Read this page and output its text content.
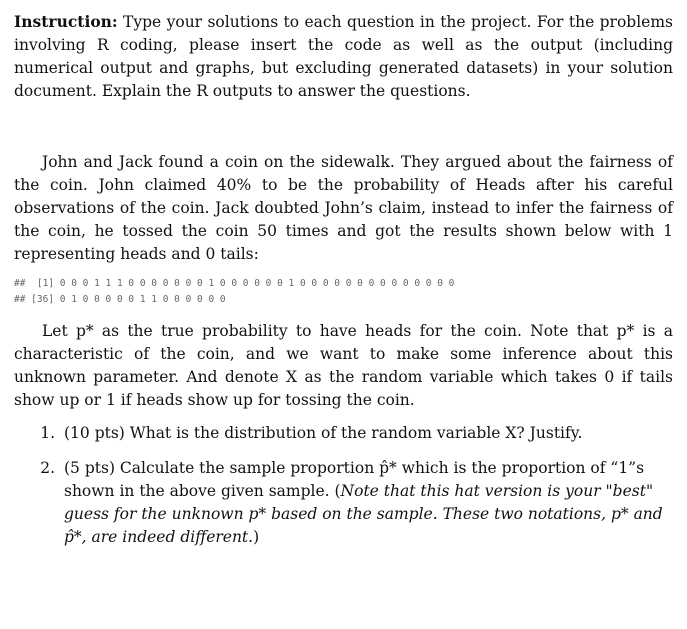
Instruction: Type your solutions to each question in the project. For the problems involving R coding, please insert the code as well as the output (including numerical output and graphs, but excluding generated datasets) in your solution document. Explain the R outputs to answer the questions.

John and Jack found a coin on the sidewalk. They argued about the fairness of the coin. John claimed 40% to be the probability of Heads after his careful observations of the coin. Jack doubted John’s claim, instead to infer the fairness of the coin, he tossed the coin 50 times and got the results shown below with 1 representing heads and 0 tails:

##  [1] 0 0 0 1 1 1 0 0 0 0 0 0 0 1 0 0 0 0 0 0 1 0 0 0 0 0 0 0 0 0 0 0 0 0 0
## [36] 0 1 0 0 0 0 0 1 1 0 0 0 0 0 0

Let p* as the true probability to have heads for the coin. Note that p* is a characteristic of the coin, and we want to make some inference about this unknown parameter. And denote X as the random variable which takes 0 if tails show up or 1 if heads show up for tossing the coin.

1. (10 pts) What is the distribution of the random variable X? Justify.
2. (5 pts) Calculate the sample proportion p̂* which is the proportion of “1”s shown in the above given sample. (Note that this hat version is your "best" guess for the unknown p* based on the sample. These two notations, p* and p̂*, are indeed different.)
